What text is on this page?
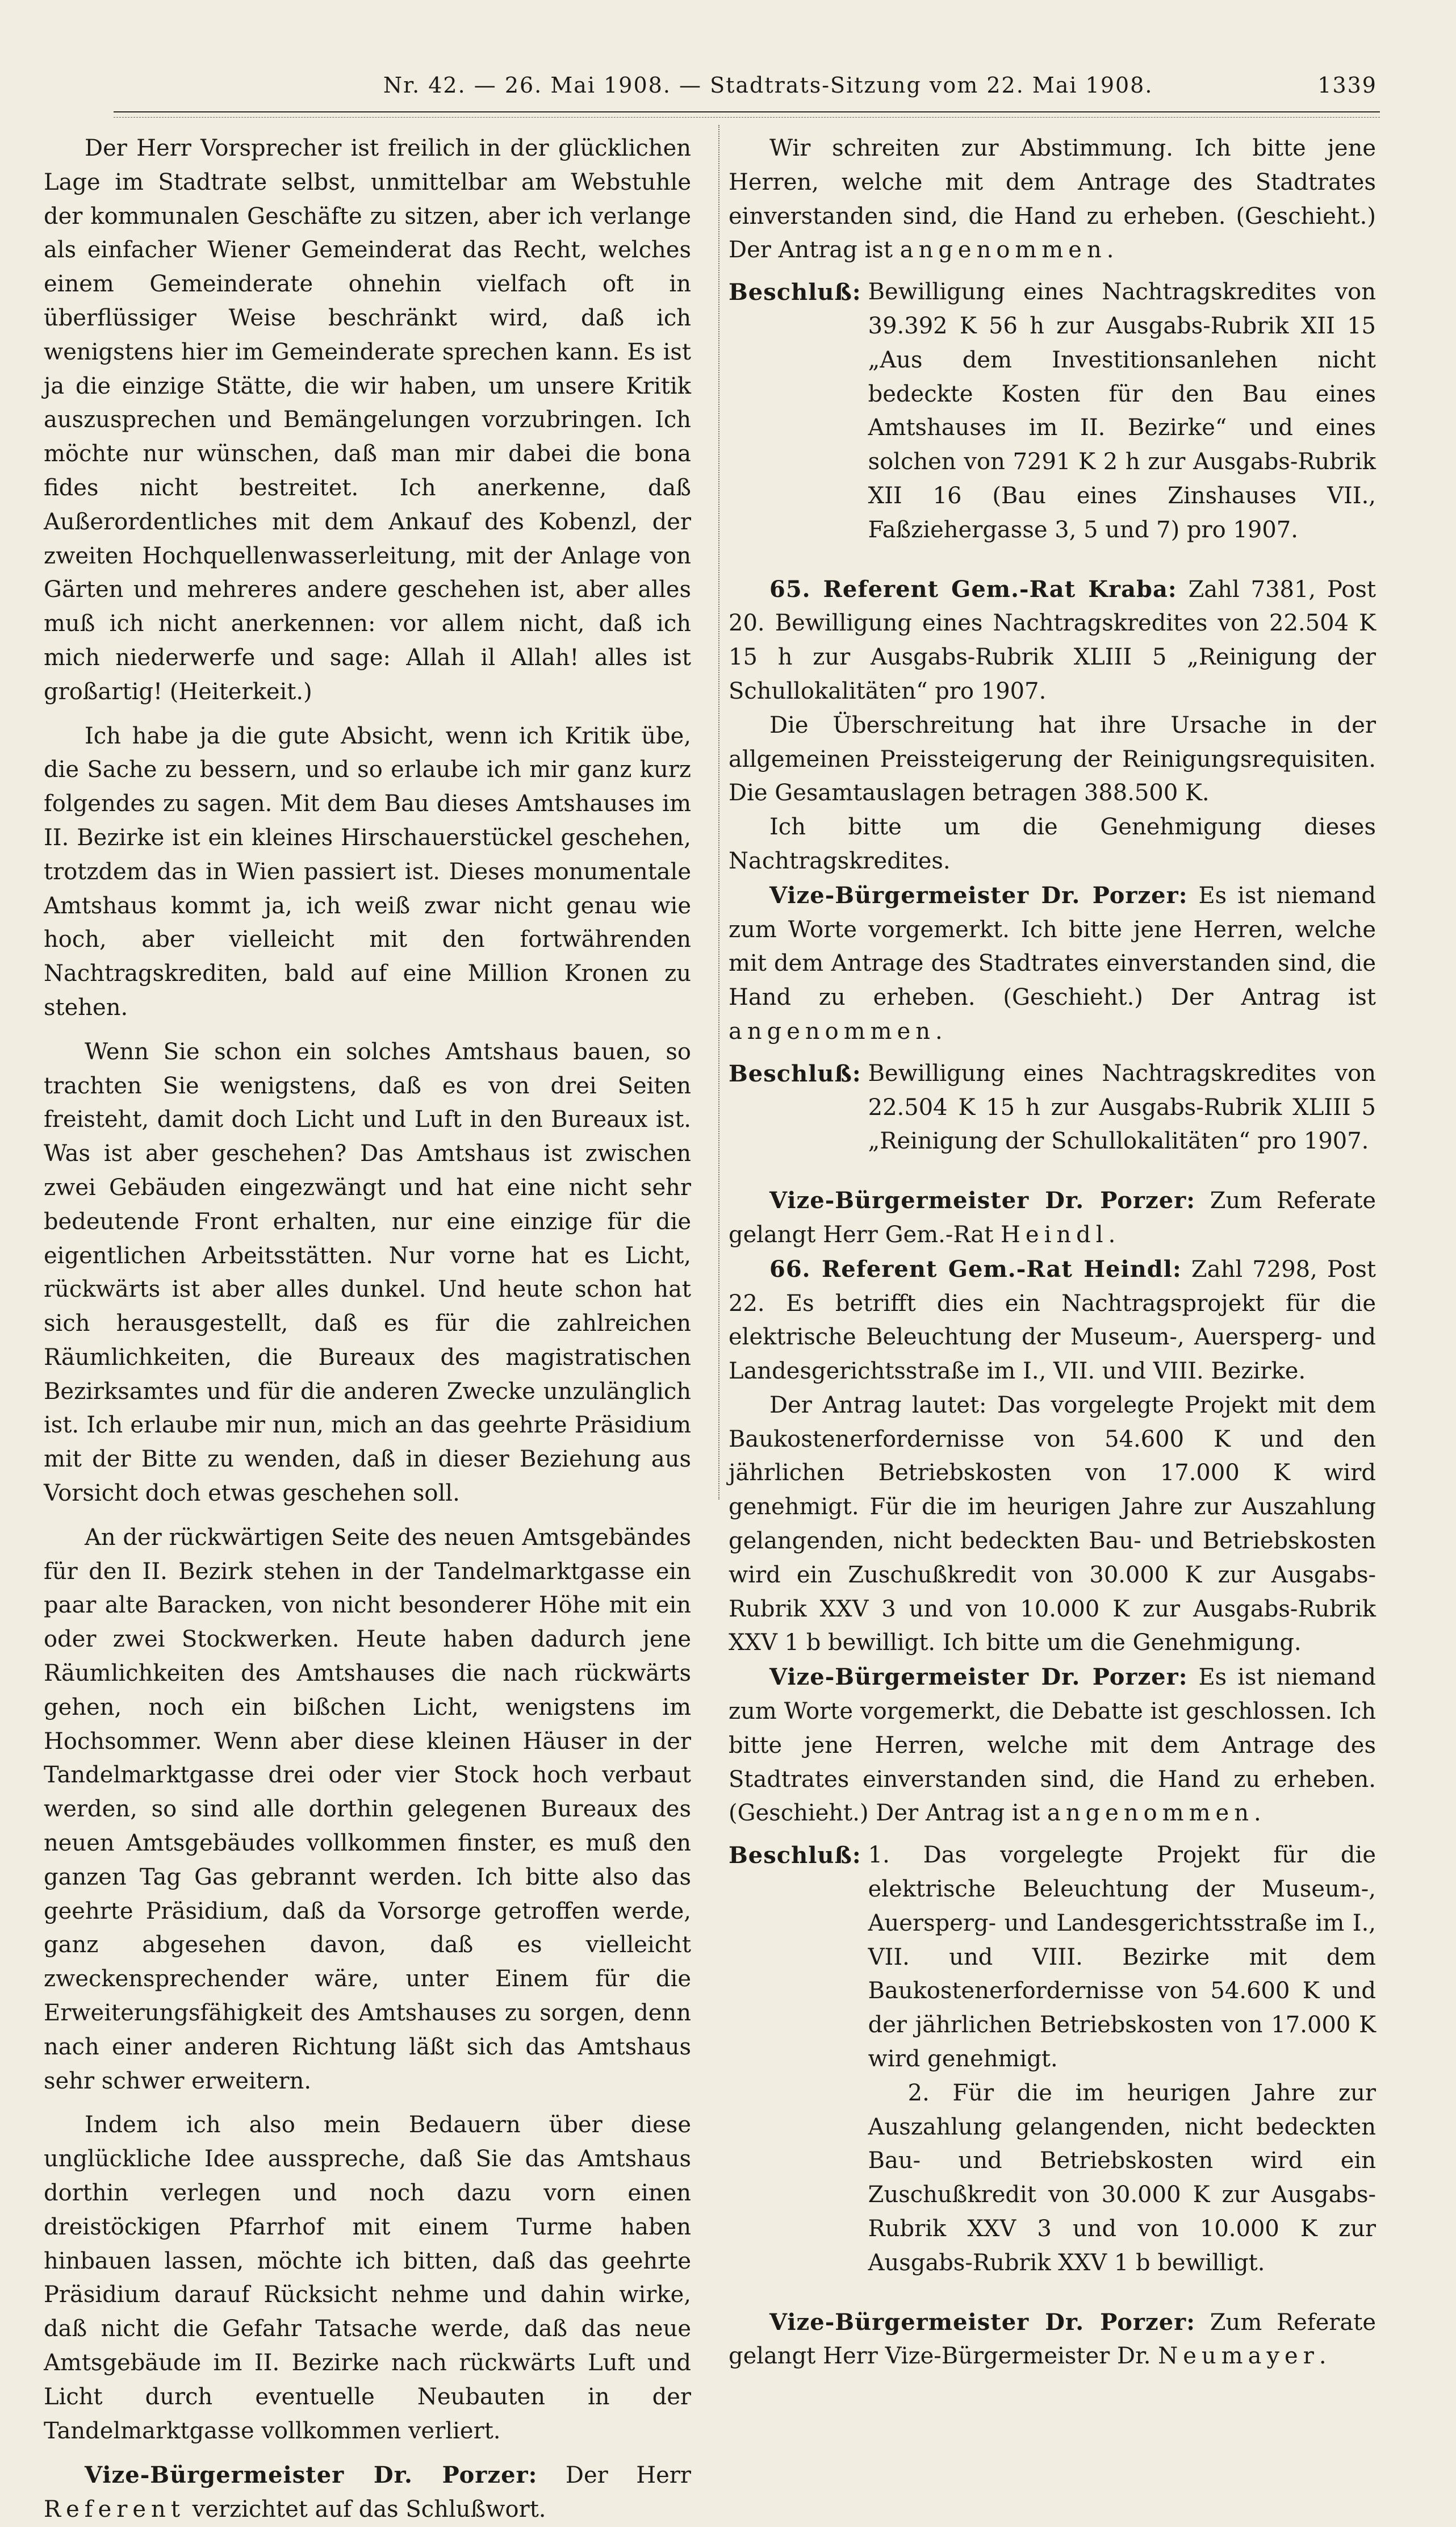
Nr. 42. — 26. Mai 1908. — Stadtrats-Sitzung vom 22. Mai 1908.	1339

Der Herr Vorsprecher ist freilich in der glücklichen Lage im Stadtrate selbst, unmittelbar am Webstuhle der kommunalen Geschäfte zu sitzen, aber ich verlange als einfacher Wiener Gemeinderat das Recht, welches einem Gemeinderate ohnehin vielfach oft in überflüssiger Weise beschränkt wird, daß ich wenigstens hier im Gemeinderate sprechen kann. Es ist ja die einzige Stätte, die wir haben, um unsere Kritik auszusprechen und Bemängelungen vorzubringen. Ich möchte nur wünschen, daß man mir dabei die bona fides nicht bestreitet. Ich anerkenne, daß Außerordentliches mit dem Ankauf des Kobenzl, der zweiten Hochquellenwasserleitung, mit der Anlage von Gärten und mehreres andere geschehen ist, aber alles muß ich nicht anerkennen: vor allem nicht, daß ich mich niederwerfe und sage: Allah il Allah! alles ist großartig! (Heiterkeit.)

Ich habe ja die gute Absicht, wenn ich Kritik übe, die Sache zu bessern, und so erlaube ich mir ganz kurz folgendes zu sagen. Mit dem Bau dieses Amtshauses im II. Bezirke ist ein kleines Hirschauerstückel geschehen, trotzdem das in Wien passiert ist. Dieses monumentale Amtshaus kommt ja, ich weiß zwar nicht genau wie hoch, aber vielleicht mit den fortwährenden Nachtragskrediten, bald auf eine Million Kronen zu stehen.

Wenn Sie schon ein solches Amtshaus bauen, so trachten Sie wenigstens, daß es von drei Seiten freisteht, damit doch Licht und Luft in den Bureaux ist. Was ist aber geschehen? Das Amtshaus ist zwischen zwei Gebäuden eingezwängt und hat eine nicht sehr bedeutende Front erhalten, nur eine einzige für die eigentlichen Arbeitsstätten. Nur vorne hat es Licht, rückwärts ist aber alles dunkel. Und heute schon hat sich herausgestellt, daß es für die zahlreichen Räumlichkeiten, die Bureaux des magistratischen Bezirksamtes und für die anderen Zwecke unzulänglich ist. Ich erlaube mir nun, mich an das geehrte Präsidium mit der Bitte zu wenden, daß in dieser Beziehung aus Vorsicht doch etwas geschehen soll.

An der rückwärtigen Seite des neuen Amtsgebändes für den II. Bezirk stehen in der Tandelmarktgasse ein paar alte Baracken, von nicht besonderer Höhe mit ein oder zwei Stockwerken. Heute haben dadurch jene Räumlichkeiten des Amtshauses die nach rückwärts gehen, noch ein bißchen Licht, wenigstens im Hochsommer. Wenn aber diese kleinen Häuser in der Tandelmarktgasse drei oder vier Stock hoch verbaut werden, so sind alle dorthin gelegenen Bureaux des neuen Amtsgebäudes vollkommen finster, es muß den ganzen Tag Gas gebrannt werden. Ich bitte also das geehrte Präsidium, daß da Vorsorge getroffen werde, ganz abgesehen davon, daß es vielleicht zweckensprechender wäre, unter Einem für die Erweiterungsfähigkeit des Amtshauses zu sorgen, denn nach einer anderen Richtung läßt sich das Amtshaus sehr schwer erweitern.

Indem ich also mein Bedauern über diese unglückliche Idee ausspreche, daß Sie das Amtshaus dorthin verlegen und noch dazu vorn einen dreistöckigen Pfarrhof mit einem Turme haben hinbauen lassen, möchte ich bitten, daß das geehrte Präsidium darauf Rücksicht nehme und dahin wirke, daß nicht die Gefahr Tatsache werde, daß das neue Amtsgebäude im II. Bezirke nach rückwärts Luft und Licht durch eventuelle Neubauten in der Tandelmarktgasse vollkommen verliert.

Vize-Bürgermeister Dr. Porzer: Der Herr Referent verzichtet auf das Schlußwort.

Wir schreiten zur Abstimmung. Ich bitte jene Herren, welche mit dem Antrage des Stadtrates einverstanden sind, die Hand zu erheben. (Geschieht.) Der Antrag ist angenommen.

Beschluß: Bewilligung eines Nachtragskredites von 39.392 K 56 h zur Ausgabs-Rubrik XII 15 „Aus dem Investitionsanlehen nicht bedeckte Kosten für den Bau eines Amtshauses im II. Bezirke“ und eines solchen von 7291 K 2 h zur Ausgabs-Rubrik XII 16 (Bau eines Zinshauses VII., Faßziehergasse 3, 5 und 7) pro 1907.

65. Referent Gem.-Rat Kraba: Zahl 7381, Post 20. Bewilligung eines Nachtragskredites von 22.504 K 15 h zur Ausgabs-Rubrik XLIII 5 „Reinigung der Schullokalitäten“ pro 1907.

Die Überschreitung hat ihre Ursache in der allgemeinen Preissteigerung der Reinigungsrequisiten. Die Gesamtauslagen betragen 388.500 K.

Ich bitte um die Genehmigung dieses Nachtragskredites.

Vize-Bürgermeister Dr. Porzer: Es ist niemand zum Worte vorgemerkt. Ich bitte jene Herren, welche mit dem Antrage des Stadtrates einverstanden sind, die Hand zu erheben. (Geschieht.) Der Antrag ist angenommen.

Beschluß: Bewilligung eines Nachtragskredites von 22.504 K 15 h zur Ausgabs-Rubrik XLIII 5 „Reinigung der Schullokalitäten“ pro 1907.

Vize-Bürgermeister Dr. Porzer: Zum Referate gelangt Herr Gem.-Rat Heindl.

66. Referent Gem.-Rat Heindl: Zahl 7298, Post 22. Es betrifft dies ein Nachtragsprojekt für die elektrische Beleuchtung der Museum-, Auersperg- und Landesgerichtsstraße im I., VII. und VIII. Bezirke.

Der Antrag lautet: Das vorgelegte Projekt mit dem Baukostenerfordernisse von 54.600 K und den jährlichen Betriebskosten von 17.000 K wird genehmigt. Für die im heurigen Jahre zur Auszahlung gelangenden, nicht bedeckten Bau- und Betriebskosten wird ein Zuschußkredit von 30.000 K zur Ausgabs-Rubrik XXV 3 und von 10.000 K zur Ausgabs-Rubrik XXV 1 b bewilligt. Ich bitte um die Genehmigung.

Vize-Bürgermeister Dr. Porzer: Es ist niemand zum Worte vorgemerkt, die Debatte ist geschlossen. Ich bitte jene Herren, welche mit dem Antrage des Stadtrates einverstanden sind, die Hand zu erheben. (Geschieht.) Der Antrag ist angenommen.

Beschluß: 1. Das vorgelegte Projekt für die elektrische Beleuchtung der Museum-, Auersperg- und Landesgerichtsstraße im I., VII. und VIII. Bezirke mit dem Baukostenerfordernisse von 54.600 K und der jährlichen Betriebskosten von 17.000 K wird genehmigt.

2. Für die im heurigen Jahre zur Auszahlung gelangenden, nicht bedeckten Bau- und Betriebskosten wird ein Zuschußkredit von 30.000 K zur Ausgabs-Rubrik XXV 3 und von 10.000 K zur Ausgabs-Rubrik XXV 1 b bewilligt.

Vize-Bürgermeister Dr. Porzer: Zum Referate gelangt Herr Vize-Bürgermeister Dr. Neumayer.
